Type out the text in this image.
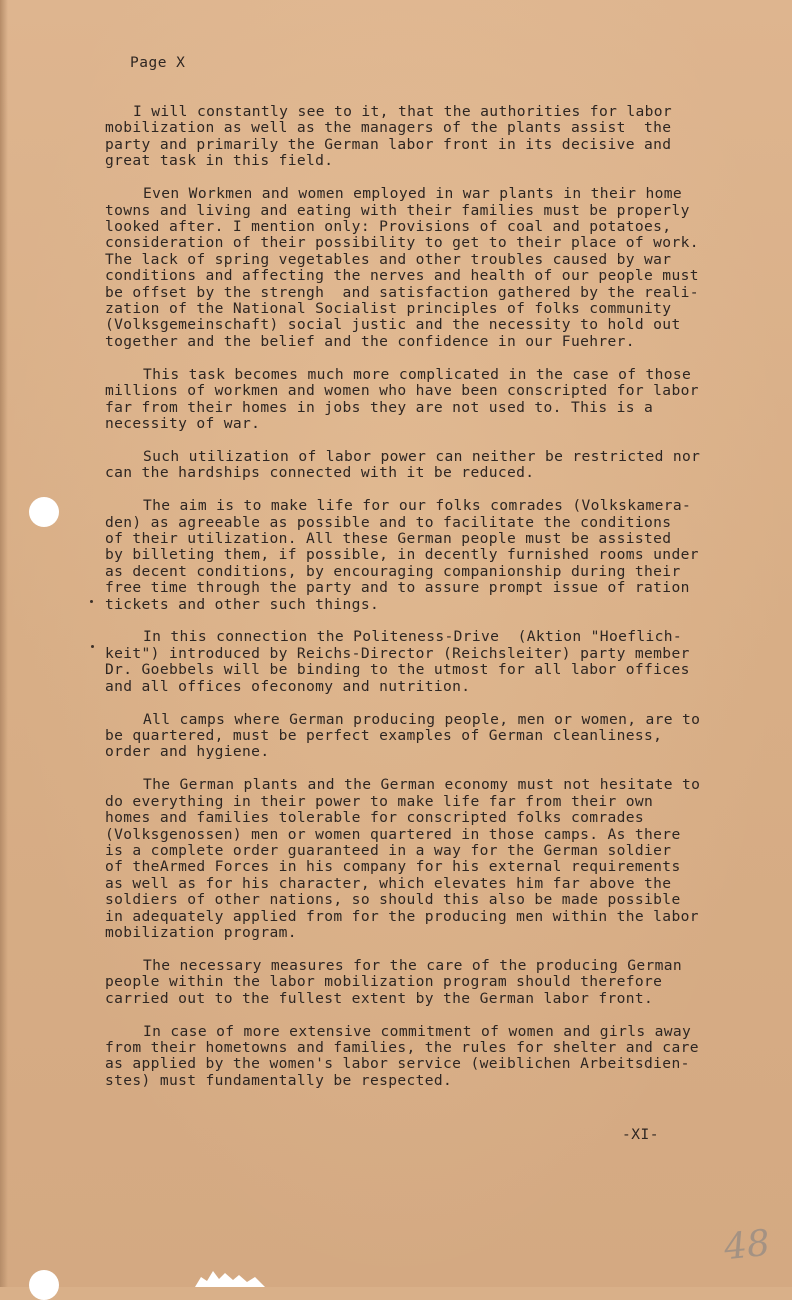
Page X
I will constantly see to it, that the authorities for labor
mobilization as well as the managers of the plants assist  the
party and primarily the German labor front in its decisive and
great task in this field.
Even Workmen and women employed in war plants in their home
towns and living and eating with their families must be properly
looked after. I mention only: Provisions of coal and potatoes,
consideration of their possibility to get to their place of work.
The lack of spring vegetables and other troubles caused by war
conditions and affecting the nerves and health of our people must
be offset by the strengh  and satisfaction gathered by the reali-
zation of the National Socialist principles of folks community
(Volksgemeinschaft) social justic and the necessity to hold out
together and the belief and the confidence in our Fuehrer.
This task becomes much more complicated in the case of those
millions of workmen and women who have been conscripted for labor
far from their homes in jobs they are not used to. This is a
necessity of war.
Such utilization of labor power can neither be restricted nor
can the hardships connected with it be reduced.
The aim is to make life for our folks comrades (Volkskamera-
den) as agreeable as possible and to facilitate the conditions
of their utilization. All these German people must be assisted
by billeting them, if possible, in decently furnished rooms under
as decent conditions, by encouraging companionship during their
free time through the party and to assure prompt issue of ration
tickets and other such things.
In this connection the Politeness-Drive  (Aktion "Hoeflich-
keit") introduced by Reichs-Director (Reichsleiter) party member
Dr. Goebbels will be binding to the utmost for all labor offices
and all offices ofeconomy and nutrition.
All camps where German producing people, men or women, are to
be quartered, must be perfect examples of German cleanliness,
order and hygiene.
The German plants and the German economy must not hesitate to
do everything in their power to make life far from their own
homes and families tolerable for conscripted folks comrades
(Volksgenossen) men or women quartered in those camps. As there
is a complete order guaranteed in a way for the German soldier
of theArmed Forces in his company for his external requirements
as well as for his character, which elevates him far above the
soldiers of other nations, so should this also be made possible
in adequately applied from for the producing men within the labor
mobilization program.
The necessary measures for the care of the producing German
people within the labor mobilization program should therefore
carried out to the fullest extent by the German labor front.
In case of more extensive commitment of women and girls away
from their hometowns and families, the rules for shelter and care
as applied by the women's labor service (weiblichen Arbeitsdien-
stes) must fundamentally be respected.
-XI-
48
